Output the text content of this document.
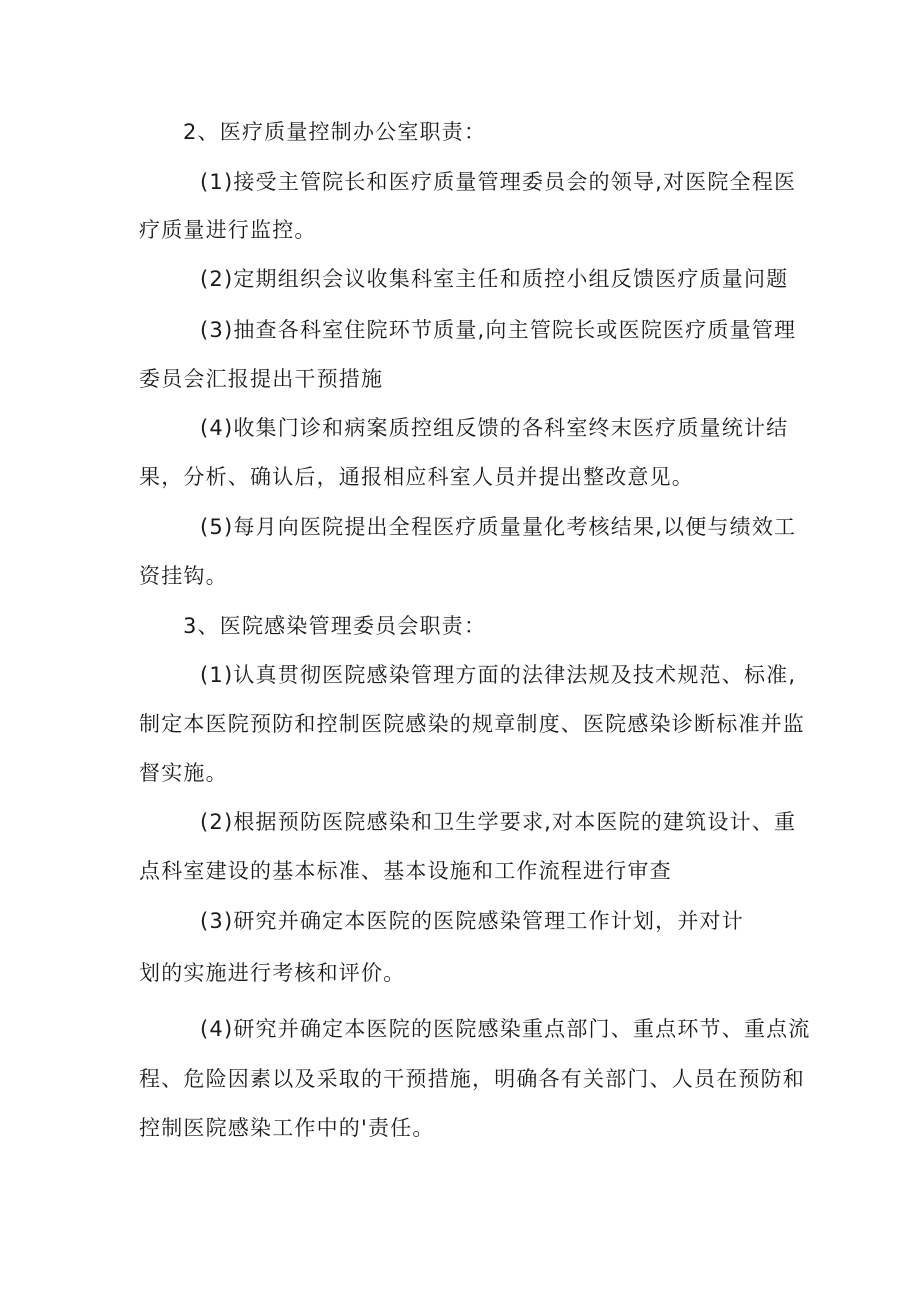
2、医疗质量控制办公室职责：
(1)接受主管院长和医疗质量管理委员会的领导,对医院全程医
疗质量进行监控。
(2)定期组织会议收集科室主任和质控小组反馈医疗质量问题
(3)抽查各科室住院环节质量,向主管院长或医院医疗质量管理
委员会汇报提出干预措施
(4)收集门诊和病案质控组反馈的各科室终末医疗质量统计结
果，分析、确认后，通报相应科室人员并提出整改意见。
(5)每月向医院提出全程医疗质量量化考核结果,以便与绩效工
资挂钩。
3、医院感染管理委员会职责：
(1)认真贯彻医院感染管理方面的法律法规及技术规范、标准,
制定本医院预防和控制医院感染的规章制度、医院感染诊断标准并监
督实施。
(2)根据预防医院感染和卫生学要求,对本医院的建筑设计、重
点科室建设的基本标准、基本设施和工作流程进行审查
(3)研究并确定本医院的医院感染管理工作计划，并对计
划的实施进行考核和评价。
(4)研究并确定本医院的医院感染重点部门、重点环节、重点流
程、危险因素以及采取的干预措施，明确各有关部门、人员在预防和
控制医院感染工作中的'责任。
